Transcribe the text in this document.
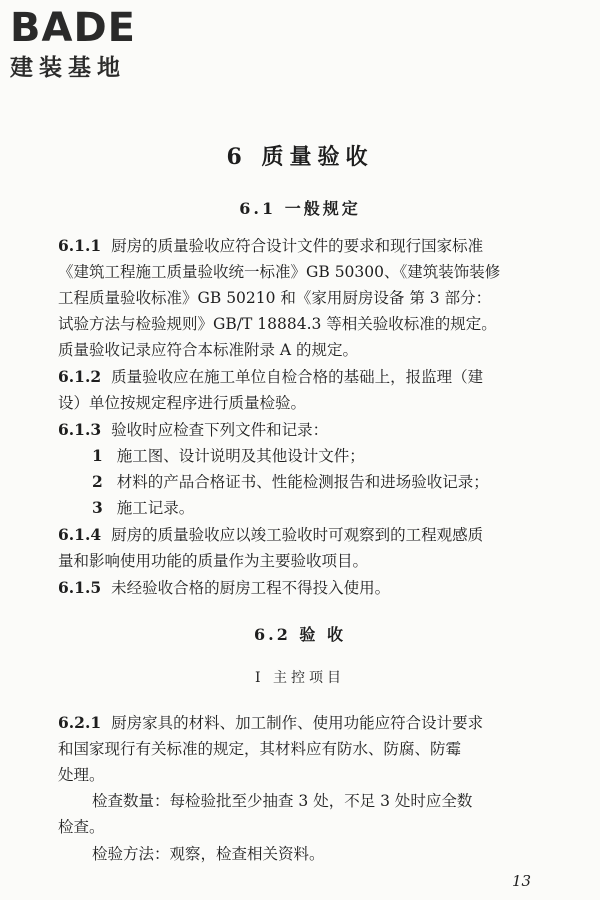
BADE
建装基地
6 质量验收
6.1 一般规定
6.1.1 厨房的质量验收应符合设计文件的要求和现行国家标准
《建筑工程施工质量验收统一标准》GB 50300、《建筑装饰装修
工程质量验收标准》GB 50210 和《家用厨房设备 第 3 部分：
试验方法与检验规则》GB/T 18884.3 等相关验收标准的规定。
质量验收记录应符合本标准附录 A 的规定。
6.1.2 质量验收应在施工单位自检合格的基础上，报监理（建
设）单位按规定程序进行质量检验。
6.1.3 验收时应检查下列文件和记录：
1 施工图、设计说明及其他设计文件；
2 材料的产品合格证书、性能检测报告和进场验收记录；
3 施工记录。
6.1.4 厨房的质量验收应以竣工验收时可观察到的工程观感质
量和影响使用功能的质量作为主要验收项目。
6.1.5 未经验收合格的厨房工程不得投入使用。
6.2.1 厨房家具的材料、加工制作、使用功能应符合设计要求
和国家现行有关标准的规定，其材料应有防水、防腐、防霉
处理。
检查数量：每检验批至少抽查 3 处，不足 3 处时应全数
检查。
检验方法：观察，检查相关资料。
6.2 验 收
Ⅰ 主控项目
13
